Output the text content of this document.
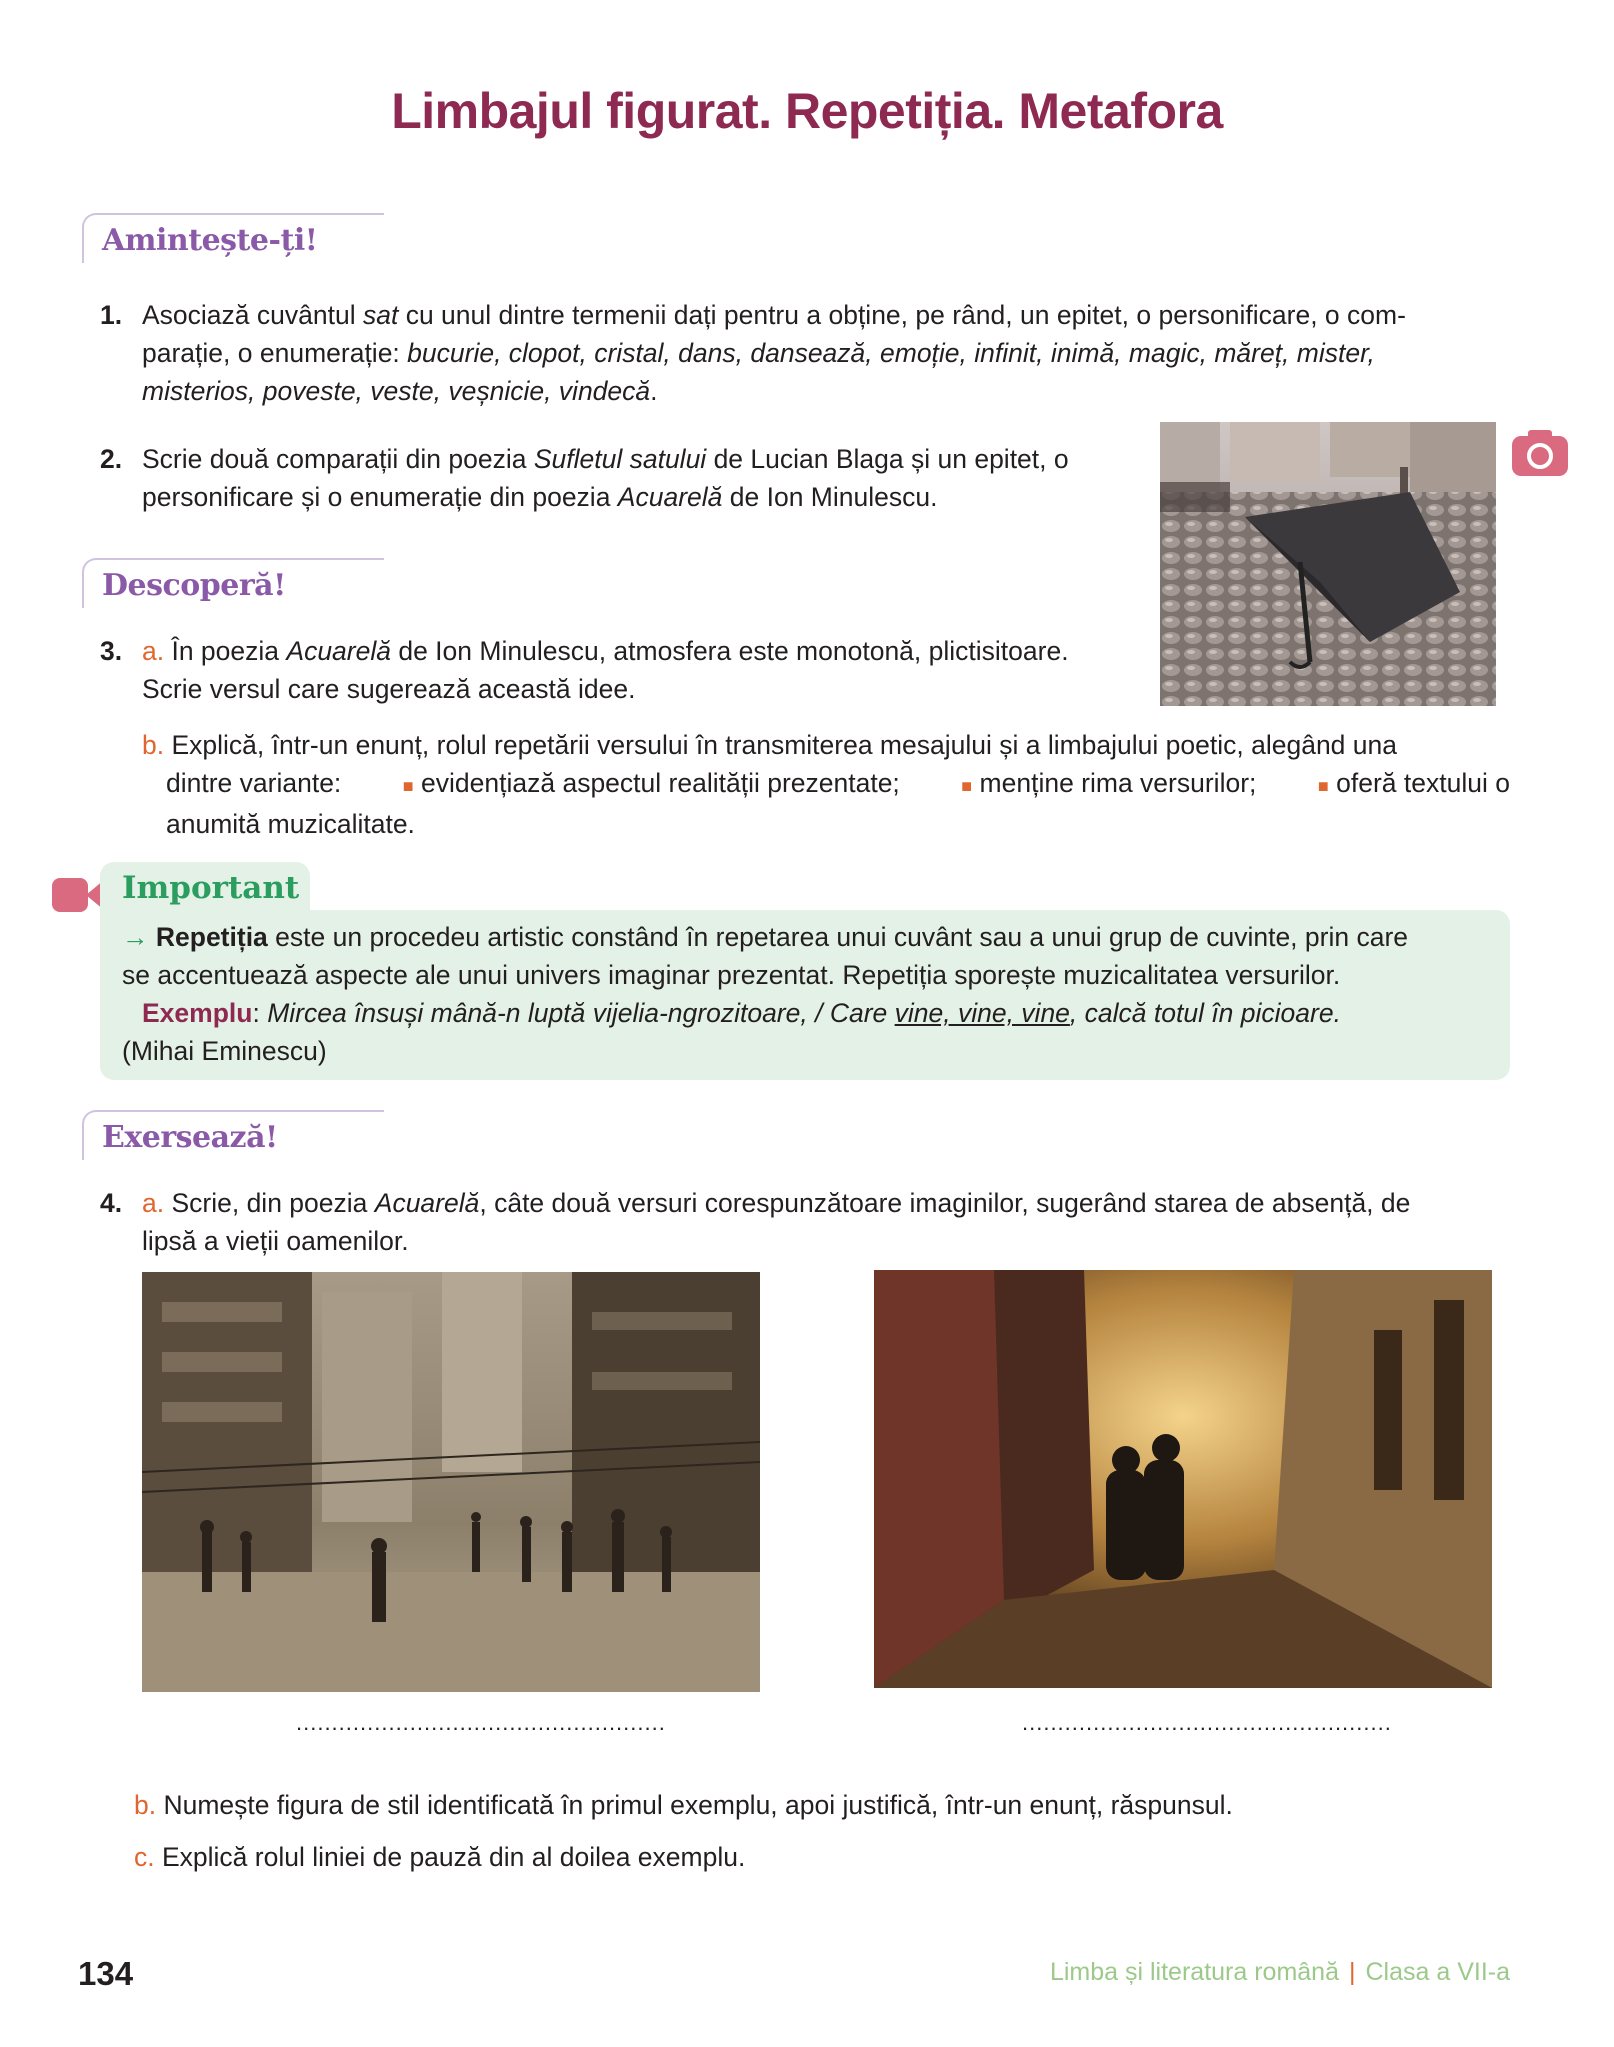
Limbajul figurat. Repetiția. Metafora
Amintește-ți!
1. Asociază cuvântul sat cu unul dintre termenii dați pentru a obține, pe rând, un epitet, o personificare, o com-
parație, o enumerație: bucurie, clopot, cristal, dans, dansează, emoție, infinit, inimă, magic, măreț, mister,
misterios, poveste, veste, veșnicie, vindecă.
2. Scrie două comparații din poezia Sufletul satului de Lucian Blaga și un epitet, o
personificare și o enumerație din poezia Acuarelă de Ion Minulescu.
Descoperă!
3. a. În poezia Acuarelă de Ion Minulescu, atmosfera este monotonă, plictisitoare.
Scrie versul care sugerează această idee.
b. Explică, într-un enunț, rolul repetării versului în transmiterea mesajului și a limbajului poetic, alegând una
dintre variante:	■ evidențiază aspectul realității prezentate;	■ menține rima versurilor;	■ oferă textului o
anumită muzicalitate.
Important
→ Repetiția este un procedeu artistic constând în repetarea unui cuvânt sau a unui grup de cuvinte, prin care
se accentuează aspecte ale unui univers imaginar prezentat. Repetiția sporește muzicalitatea versurilor.
Exemplu: Mircea însuși mână-n luptă vijelia-ngrozitoare, / Care vine, vine, vine, calcă totul în picioare.
(Mihai Eminescu)
Exersează!
4. a. Scrie, din poezia Acuarelă, câte două versuri corespunzătoare imaginilor, sugerând starea de absență, de
lipsă a vieții oamenilor.
....................................................	....................................................
b. Numește figura de stil identificată în primul exemplu, apoi justifică, într-un enunț, răspunsul.
c. Explică rolul liniei de pauză din al doilea exemplu.
134	Limba și literatura română | Clasa a VII-a
